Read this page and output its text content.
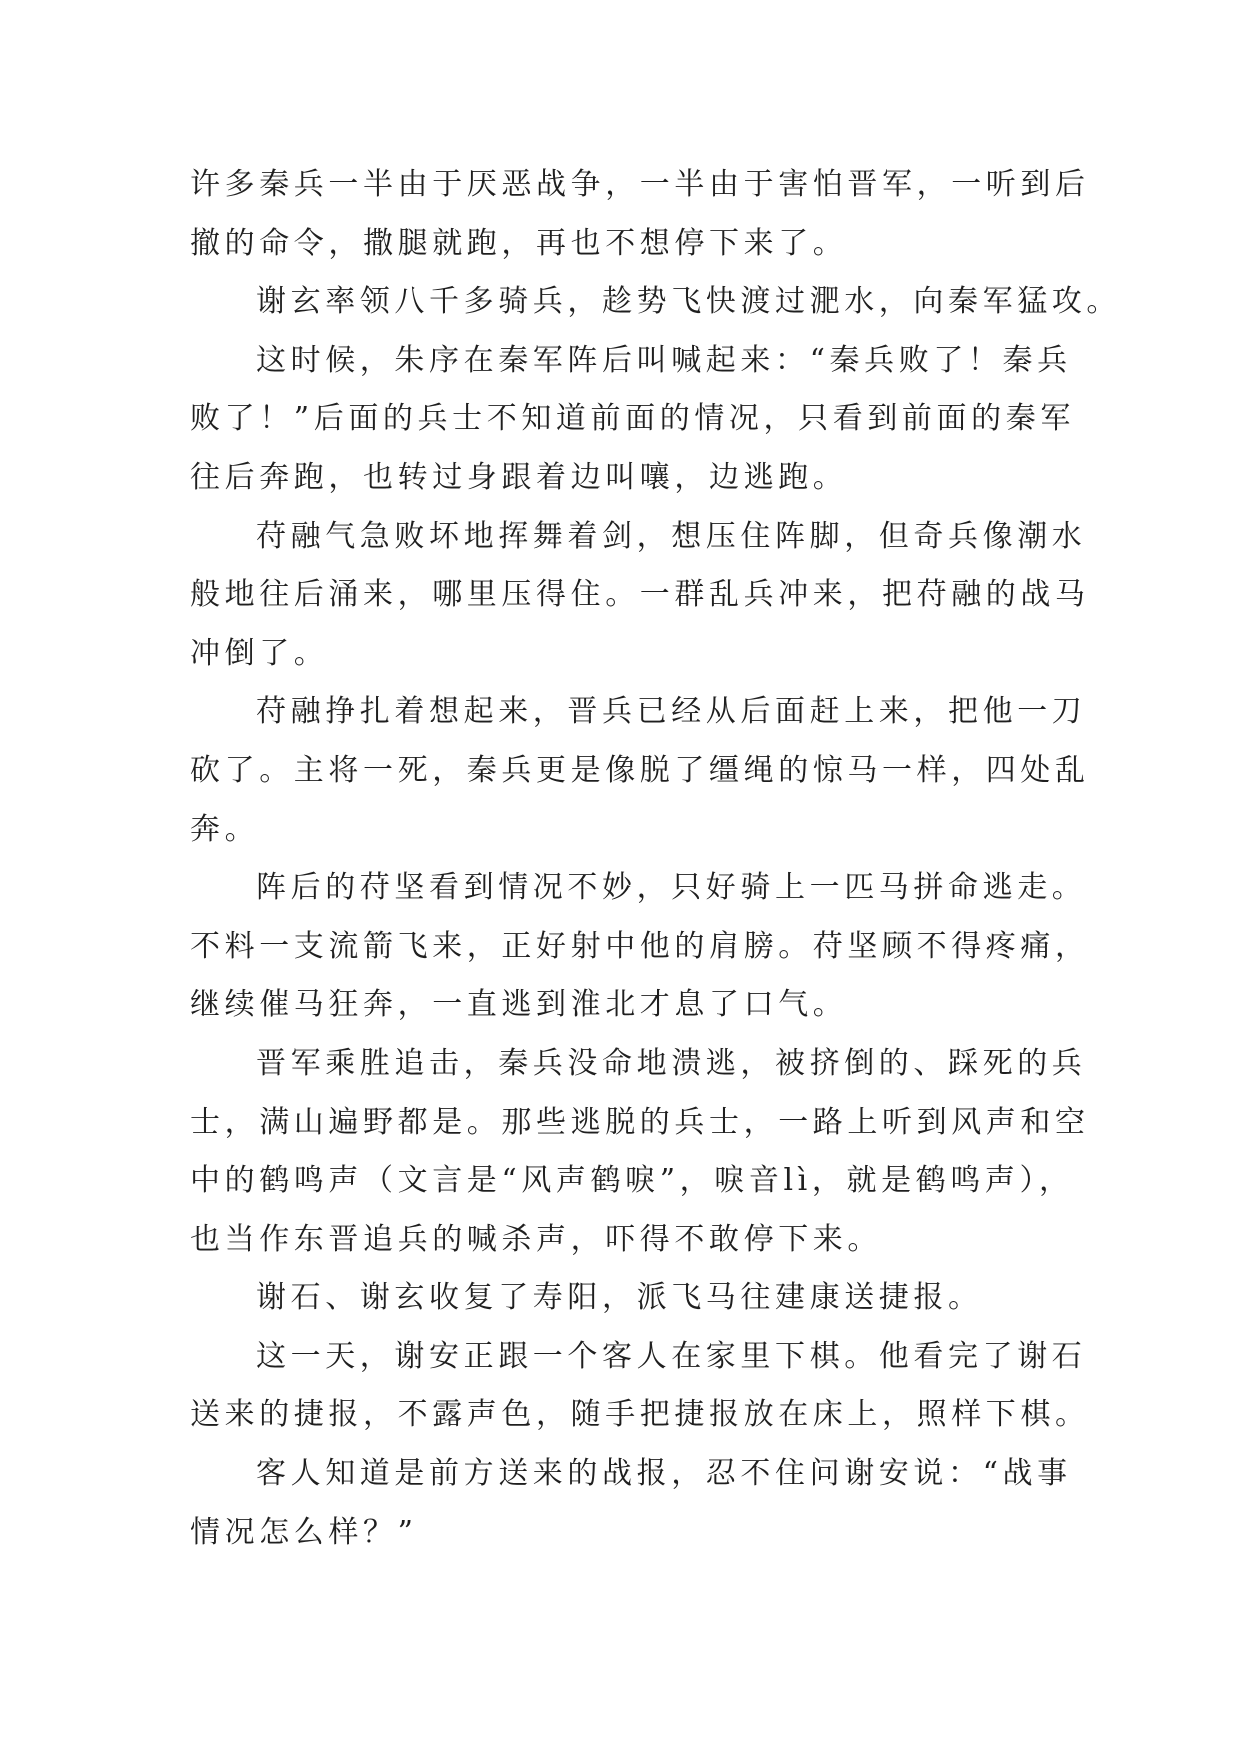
许多秦兵一半由于厌恶战争，一半由于害怕晋军，一听到后
撤的命令，撒腿就跑，再也不想停下来了。

谢玄率领八千多骑兵，趁势飞快渡过淝水，向秦军猛攻。

这时候，朱序在秦军阵后叫喊起来：“秦兵败了！秦兵
败了！”后面的兵士不知道前面的情况，只看到前面的秦军
往后奔跑，也转过身跟着边叫嚷，边逃跑。

苻融气急败坏地挥舞着剑，想压住阵脚，但奇兵像潮水
般地往后涌来，哪里压得住。一群乱兵冲来，把苻融的战马
冲倒了。

苻融挣扎着想起来，晋兵已经从后面赶上来，把他一刀
砍了。主将一死，秦兵更是像脱了缰绳的惊马一样，四处乱
奔。

阵后的苻坚看到情况不妙，只好骑上一匹马拼命逃走。
不料一支流箭飞来，正好射中他的肩膀。苻坚顾不得疼痛，
继续催马狂奔，一直逃到淮北才息了口气。

晋军乘胜追击，秦兵没命地溃逃，被挤倒的、踩死的兵
士，满山遍野都是。那些逃脱的兵士，一路上听到风声和空
中的鹤鸣声（文言是“风声鹤唳”，唳音lì，就是鹤鸣声），
也当作东晋追兵的喊杀声，吓得不敢停下来。

谢石、谢玄收复了寿阳，派飞马往建康送捷报。

这一天，谢安正跟一个客人在家里下棋。他看完了谢石
送来的捷报，不露声色，随手把捷报放在床上，照样下棋。

客人知道是前方送来的战报，忍不住问谢安说：“战事
情况怎么样？”
